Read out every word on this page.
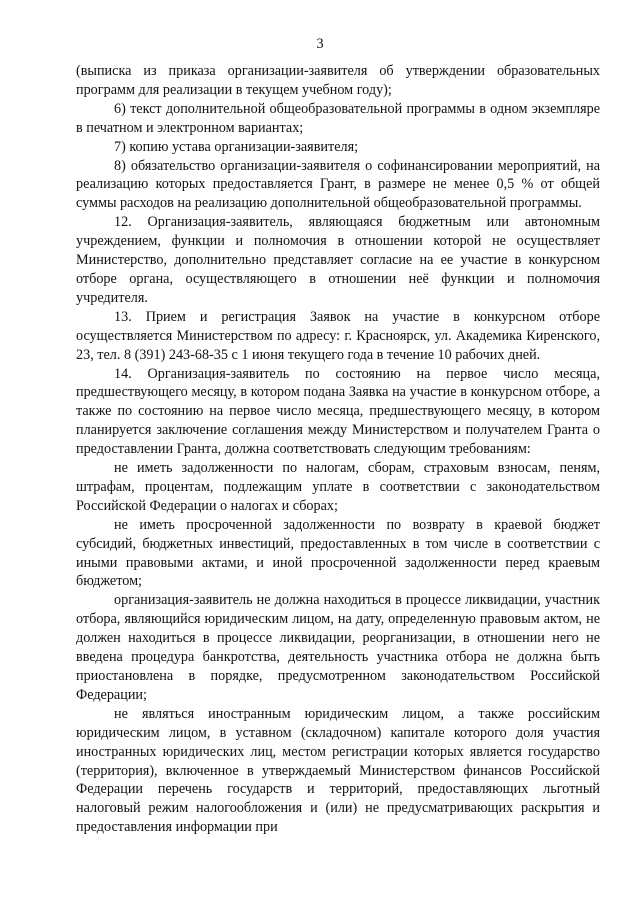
3

(выписка из приказа организации-заявителя об утверждении образовательных программ для реализации в текущем учебном году);

6) текст дополнительной общеобразовательной программы в одном экземпляре в печатном и электронном вариантах;

7) копию устава организации-заявителя;

8) обязательство организации-заявителя о софинансировании мероприятий, на реализацию которых предоставляется Грант, в размере не менее 0,5 % от общей суммы расходов на реализацию дополнительной общеобразовательной программы.

12. Организация-заявитель, являющаяся бюджетным или автономным учреждением, функции и полномочия в отношении которой не осуществляет Министерство, дополнительно представляет согласие на ее участие в конкурсном отборе органа, осуществляющего в отношении неё функции и полномочия учредителя.

13. Прием и регистрация Заявок на участие в конкурсном отборе осуществляется Министерством по адресу: г. Красноярск, ул. Академика Киренского, 23, тел. 8 (391) 243-68-35 с 1 июня текущего года в течение 10 рабочих дней.

14. Организация-заявитель по состоянию на первое число месяца, предшествующего месяцу, в котором подана Заявка на участие в конкурсном отборе, а также по состоянию на первое число месяца, предшествующего месяцу, в котором планируется заключение соглашения между Министерством и получателем Гранта о предоставлении Гранта, должна соответствовать следующим требованиям:

не иметь задолженности по налогам, сборам, страховым взносам, пеням, штрафам, процентам, подлежащим уплате в соответствии с законодательством Российской Федерации о налогах и сборах;

не иметь просроченной задолженности по возврату в краевой бюджет субсидий, бюджетных инвестиций, предоставленных в том числе в соответствии с иными правовыми актами, и иной просроченной задолженности перед краевым бюджетом;

организация-заявитель не должна находиться в процессе ликвидации, участник отбора, являющийся юридическим лицом, на дату, определенную правовым актом, не должен находиться в процессе ликвидации, реорганизации, в отношении него не введена процедура банкротства, деятельность участника отбора не должна быть приостановлена в порядке, предусмотренном законодательством Российской Федерации;

не являться иностранным юридическим лицом, а также российским юридическим лицом, в уставном (складочном) капитале которого доля участия иностранных юридических лиц, местом регистрации которых является государство (территория), включенное в утверждаемый Министерством финансов Российской Федерации перечень государств и территорий, предоставляющих льготный налоговый режим налогообложения и (или) не предусматривающих раскрытия и предоставления информации при
